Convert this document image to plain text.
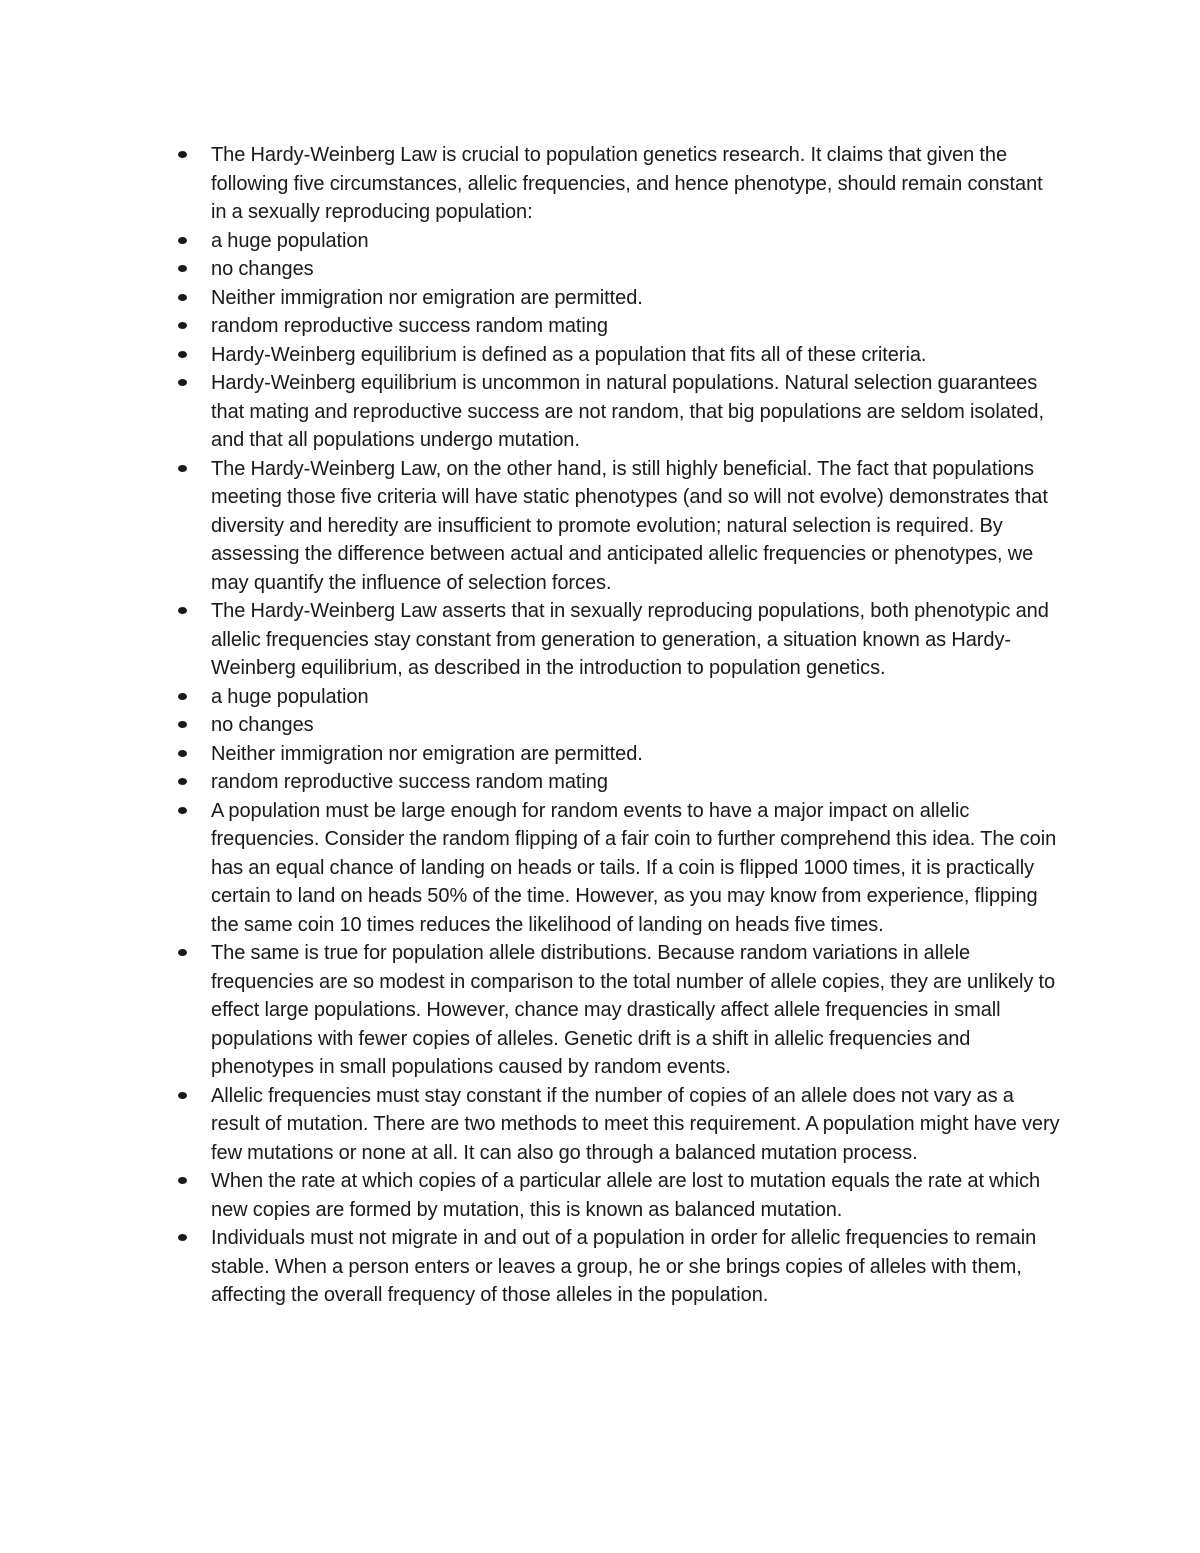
The Hardy-Weinberg Law is crucial to population genetics research. It claims that given the following five circumstances, allelic frequencies, and hence phenotype, should remain constant in a sexually reproducing population:
a huge population
no changes
Neither immigration nor emigration are permitted.
random reproductive success random mating
Hardy-Weinberg equilibrium is defined as a population that fits all of these criteria.
Hardy-Weinberg equilibrium is uncommon in natural populations. Natural selection guarantees that mating and reproductive success are not random, that big populations are seldom isolated, and that all populations undergo mutation.
The Hardy-Weinberg Law, on the other hand, is still highly beneficial. The fact that populations meeting those five criteria will have static phenotypes (and so will not evolve) demonstrates that diversity and heredity are insufficient to promote evolution; natural selection is required. By assessing the difference between actual and anticipated allelic frequencies or phenotypes, we may quantify the influence of selection forces.
The Hardy-Weinberg Law asserts that in sexually reproducing populations, both phenotypic and allelic frequencies stay constant from generation to generation, a situation known as Hardy-Weinberg equilibrium, as described in the introduction to population genetics.
a huge population
no changes
Neither immigration nor emigration are permitted.
random reproductive success random mating
A population must be large enough for random events to have a major impact on allelic frequencies. Consider the random flipping of a fair coin to further comprehend this idea. The coin has an equal chance of landing on heads or tails. If a coin is flipped 1000 times, it is practically certain to land on heads 50% of the time. However, as you may know from experience, flipping the same coin 10 times reduces the likelihood of landing on heads five times.
The same is true for population allele distributions. Because random variations in allele frequencies are so modest in comparison to the total number of allele copies, they are unlikely to effect large populations. However, chance may drastically affect allele frequencies in small populations with fewer copies of alleles. Genetic drift is a shift in allelic frequencies and phenotypes in small populations caused by random events.
Allelic frequencies must stay constant if the number of copies of an allele does not vary as a result of mutation. There are two methods to meet this requirement. A population might have very few mutations or none at all. It can also go through a balanced mutation process.
When the rate at which copies of a particular allele are lost to mutation equals the rate at which new copies are formed by mutation, this is known as balanced mutation.
Individuals must not migrate in and out of a population in order for allelic frequencies to remain stable. When a person enters or leaves a group, he or she brings copies of alleles with them, affecting the overall frequency of those alleles in the population.
